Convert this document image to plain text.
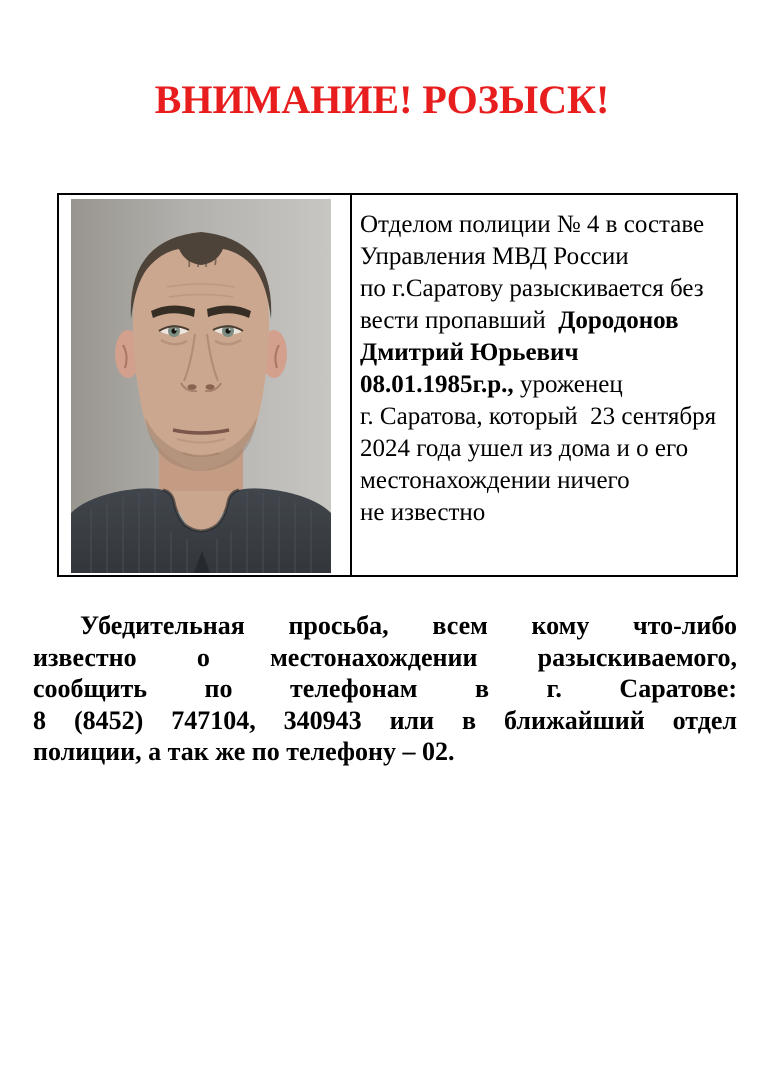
ВНИМАНИЕ! РОЗЫСК!
Отделом полиции № 4 в составе
Управления МВД России
по г.Саратову разыскивается без
вести пропавший  Дородонов
Дмитрий Юрьевич
08.01.1985г.р., уроженец
г. Саратова, который  23 сентября
2024 года ушел из дома и о его
местонахождении ничего
не известно
Убедительная просьба, всем кому что-либо
известно о местонахождении разыскиваемого,
сообщить по телефонам в г. Саратове:
8 (8452) 747104, 340943 или в ближайший отдел
полиции, а так же по телефону – 02.
